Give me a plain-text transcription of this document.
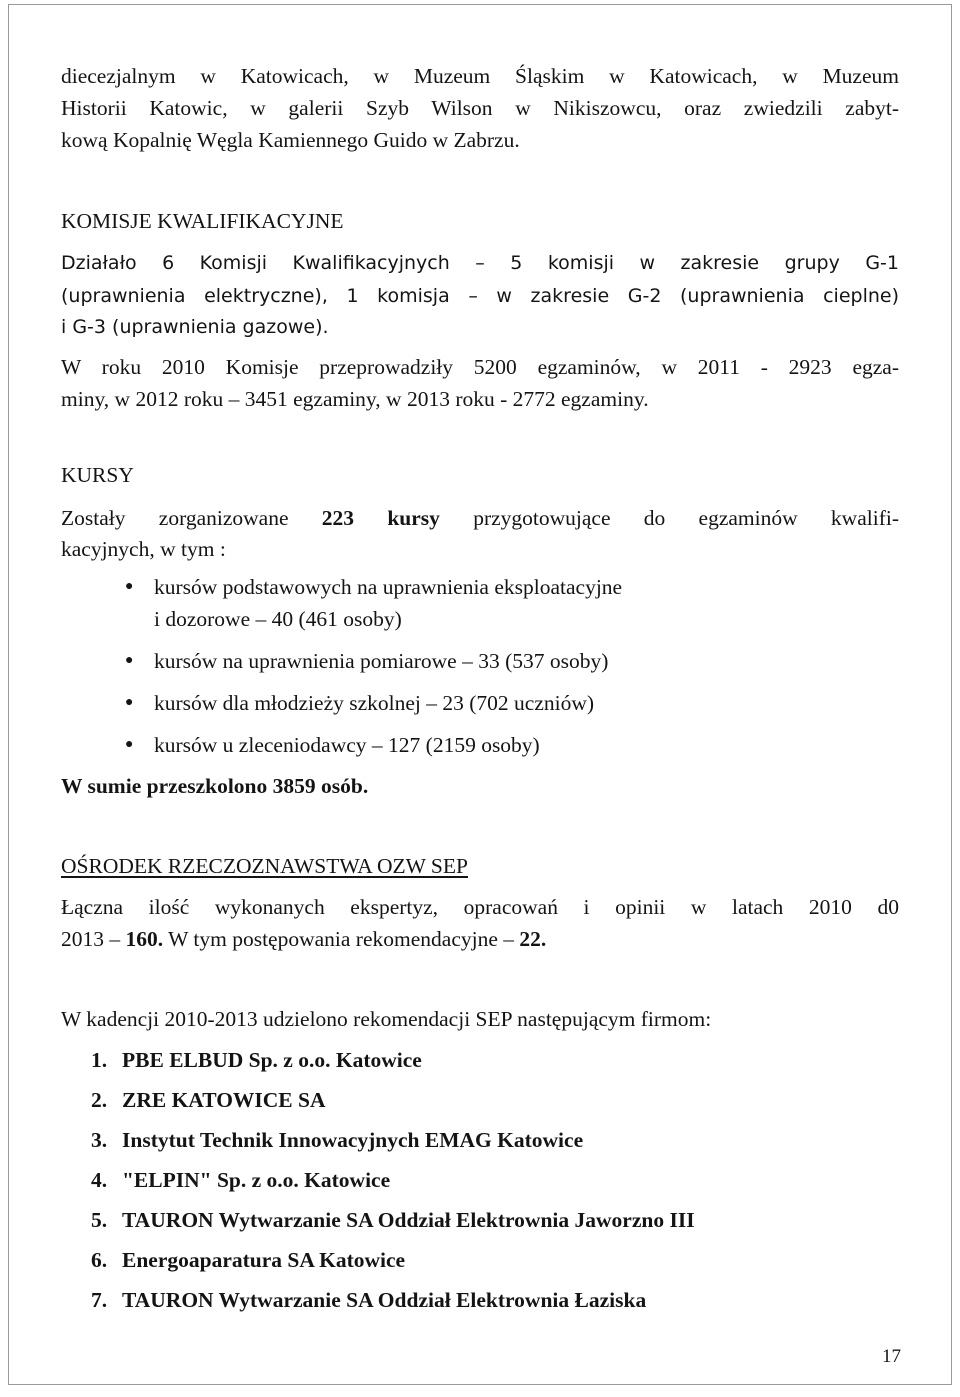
diecezjalnym w Katowicach, w Muzeum Śląskim w Katowicach, w Muzeum
Historii Katowic, w galerii Szyb Wilson w Nikiszowcu, oraz zwiedzili zabyt-
kową Kopalnię Węgla Kamiennego Guido w Zabrzu.
KOMISJE KWALIFIKACYJNE
Działało 6 Komisji Kwalifikacyjnych – 5 komisji w zakresie grupy G-1
(uprawnienia elektryczne), 1 komisja – w zakresie G-2 (uprawnienia cieplne)
i G-3 (uprawnienia gazowe).
W roku 2010 Komisje przeprowadziły 5200 egzaminów, w 2011 - 2923 egza-
miny, w 2012 roku – 3451 egzaminy, w 2013 roku - 2772 egzaminy.
KURSY
Zostały zorganizowane 223 kursy przygotowujące do egzaminów kwalifi-
kacyjnych, w tym :
● kursów podstawowych na uprawnienia eksploatacyjne
i dozorowe – 40 (461 osoby)
● kursów na uprawnienia pomiarowe – 33 (537 osoby)
● kursów dla młodzieży szkolnej – 23 (702 uczniów)
● kursów u zleceniodawcy – 127 (2159 osoby)
W sumie przeszkolono 3859 osób.
OŚRODEK RZECZOZNAWSTWA OZW SEP
Łączna ilość wykonanych ekspertyz, opracowań i opinii w latach 2010 d0
2013 – 160. W tym postępowania rekomendacyjne – 22.
W kadencji 2010-2013 udzielono rekomendacji SEP następującym firmom:
1. PBE ELBUD Sp. z o.o. Katowice
2. ZRE KATOWICE SA
3. Instytut Technik Innowacyjnych EMAG Katowice
4. "ELPIN" Sp. z o.o. Katowice
5. TAURON Wytwarzanie SA Oddział Elektrownia Jaworzno III
6. Energoaparatura SA Katowice
7. TAURON Wytwarzanie SA Oddział Elektrownia Łaziska
17
